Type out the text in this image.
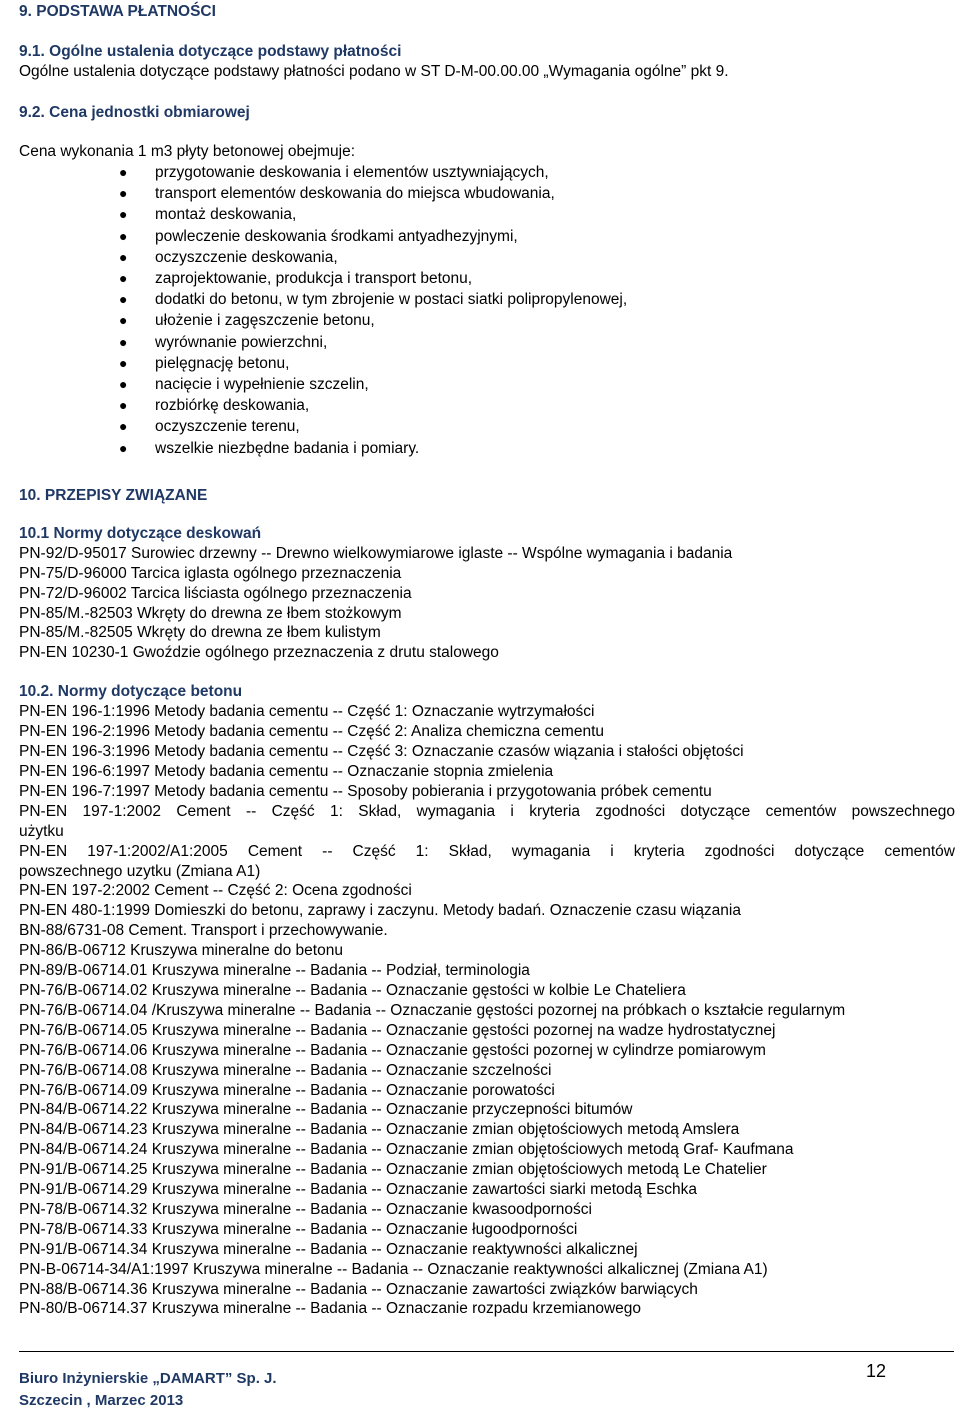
9. PODSTAWA PŁATNOŚCI
9.1. Ogólne ustalenia dotyczące podstawy płatności
Ogólne ustalenia dotyczące podstawy płatności podano w ST D-M-00.00.00 „Wymagania ogólne” pkt 9.
9.2. Cena jednostki obmiarowej
Cena wykonania 1 m3 płyty betonowej obejmuje:
● przygotowanie deskowania i elementów usztywniających,
● transport elementów deskowania do miejsca wbudowania,
● montaż deskowania,
● powleczenie deskowania środkami antyadhezyjnymi,
● oczyszczenie deskowania,
● zaprojektowanie, produkcja i transport betonu,
● dodatki do betonu, w tym zbrojenie w postaci siatki polipropylenowej,
● ułożenie i zagęszczenie betonu,
● wyrównanie powierzchni,
● pielęgnację betonu,
● nacięcie i wypełnienie szczelin,
● rozbiórkę deskowania,
● oczyszczenie terenu,
● wszelkie niezbędne badania i pomiary.
10. PRZEPISY ZWIĄZANE
10.1 Normy dotyczące deskowań
PN-92/D-95017 Surowiec drzewny -- Drewno wielkowymiarowe iglaste -- Wspólne wymagania i badania
PN-75/D-96000 Tarcica iglasta ogólnego przeznaczenia
PN-72/D-96002 Tarcica liściasta ogólnego przeznaczenia
PN-85/M.-82503 Wkręty do drewna ze łbem stożkowym
PN-85/M.-82505 Wkręty do drewna ze łbem kulistym
PN-EN 10230-1 Gwoździe ogólnego przeznaczenia z drutu stalowego
10.2. Normy dotyczące betonu
PN-EN 196-1:1996 Metody badania cementu -- Część 1: Oznaczanie wytrzymałości
PN-EN 196-2:1996 Metody badania cementu -- Część 2: Analiza chemiczna cementu
PN-EN 196-3:1996 Metody badania cementu -- Część 3: Oznaczanie czasów wiązania i stałości objętości
PN-EN 196-6:1997 Metody badania cementu -- Oznaczanie stopnia zmielenia
PN-EN 196-7:1997 Metody badania cementu -- Sposoby pobierania i przygotowania próbek cementu
PN-EN 197-1:2002 Cement -- Część 1: Skład, wymagania i kryteria zgodności dotyczące cementów powszechnego
użytku
PN-EN 197-1:2002/A1:2005 Cement -- Część 1: Skład, wymagania i kryteria zgodności dotyczące cementów
powszechnego uzytku (Zmiana A1)
PN-EN 197-2:2002 Cement -- Część 2: Ocena zgodności
PN-EN 480-1:1999 Domieszki do betonu, zaprawy i zaczynu. Metody badań. Oznaczenie czasu wiązania
BN-88/6731-08 Cement. Transport i przechowywanie.
PN-86/B-06712 Kruszywa mineralne do betonu
PN-89/B-06714.01 Kruszywa mineralne -- Badania -- Podział, terminologia
PN-76/B-06714.02 Kruszywa mineralne -- Badania -- Oznaczanie gęstości w kolbie Le Chateliera
PN-76/B-06714.04 /Kruszywa mineralne -- Badania -- Oznaczanie gęstości pozornej na próbkach o kształcie regularnym
PN-76/B-06714.05 Kruszywa mineralne -- Badania -- Oznaczanie gęstości pozornej na wadze hydrostatycznej
PN-76/B-06714.06 Kruszywa mineralne -- Badania -- Oznaczanie gęstości pozornej w cylindrze pomiarowym
PN-76/B-06714.08 Kruszywa mineralne -- Badania -- Oznaczanie szczelności
PN-76/B-06714.09 Kruszywa mineralne -- Badania -- Oznaczanie porowatości
PN-84/B-06714.22 Kruszywa mineralne -- Badania -- Oznaczanie przyczepności bitumów
PN-84/B-06714.23 Kruszywa mineralne -- Badania -- Oznaczanie zmian objętościowych metodą Amslera
PN-84/B-06714.24 Kruszywa mineralne -- Badania -- Oznaczanie zmian objętościowych metodą Graf- Kaufmana
PN-91/B-06714.25 Kruszywa mineralne -- Badania -- Oznaczanie zmian objętościowych metodą Le Chatelier
PN-91/B-06714.29 Kruszywa mineralne -- Badania -- Oznaczanie zawartości siarki metodą Eschka
PN-78/B-06714.32 Kruszywa mineralne -- Badania -- Oznaczanie kwasoodporności
PN-78/B-06714.33 Kruszywa mineralne -- Badania -- Oznaczanie ługoodporności
PN-91/B-06714.34 Kruszywa mineralne -- Badania -- Oznaczanie reaktywności alkalicznej
PN-B-06714-34/A1:1997 Kruszywa mineralne -- Badania -- Oznaczanie reaktywności alkalicznej (Zmiana A1)
PN-88/B-06714.36 Kruszywa mineralne -- Badania -- Oznaczanie zawartości związków barwiących
PN-80/B-06714.37 Kruszywa mineralne -- Badania -- Oznaczanie rozpadu krzemianowego
Biuro Inżynierskie „DAMART” Sp. J.
Szczecin , Marzec 2013
12
